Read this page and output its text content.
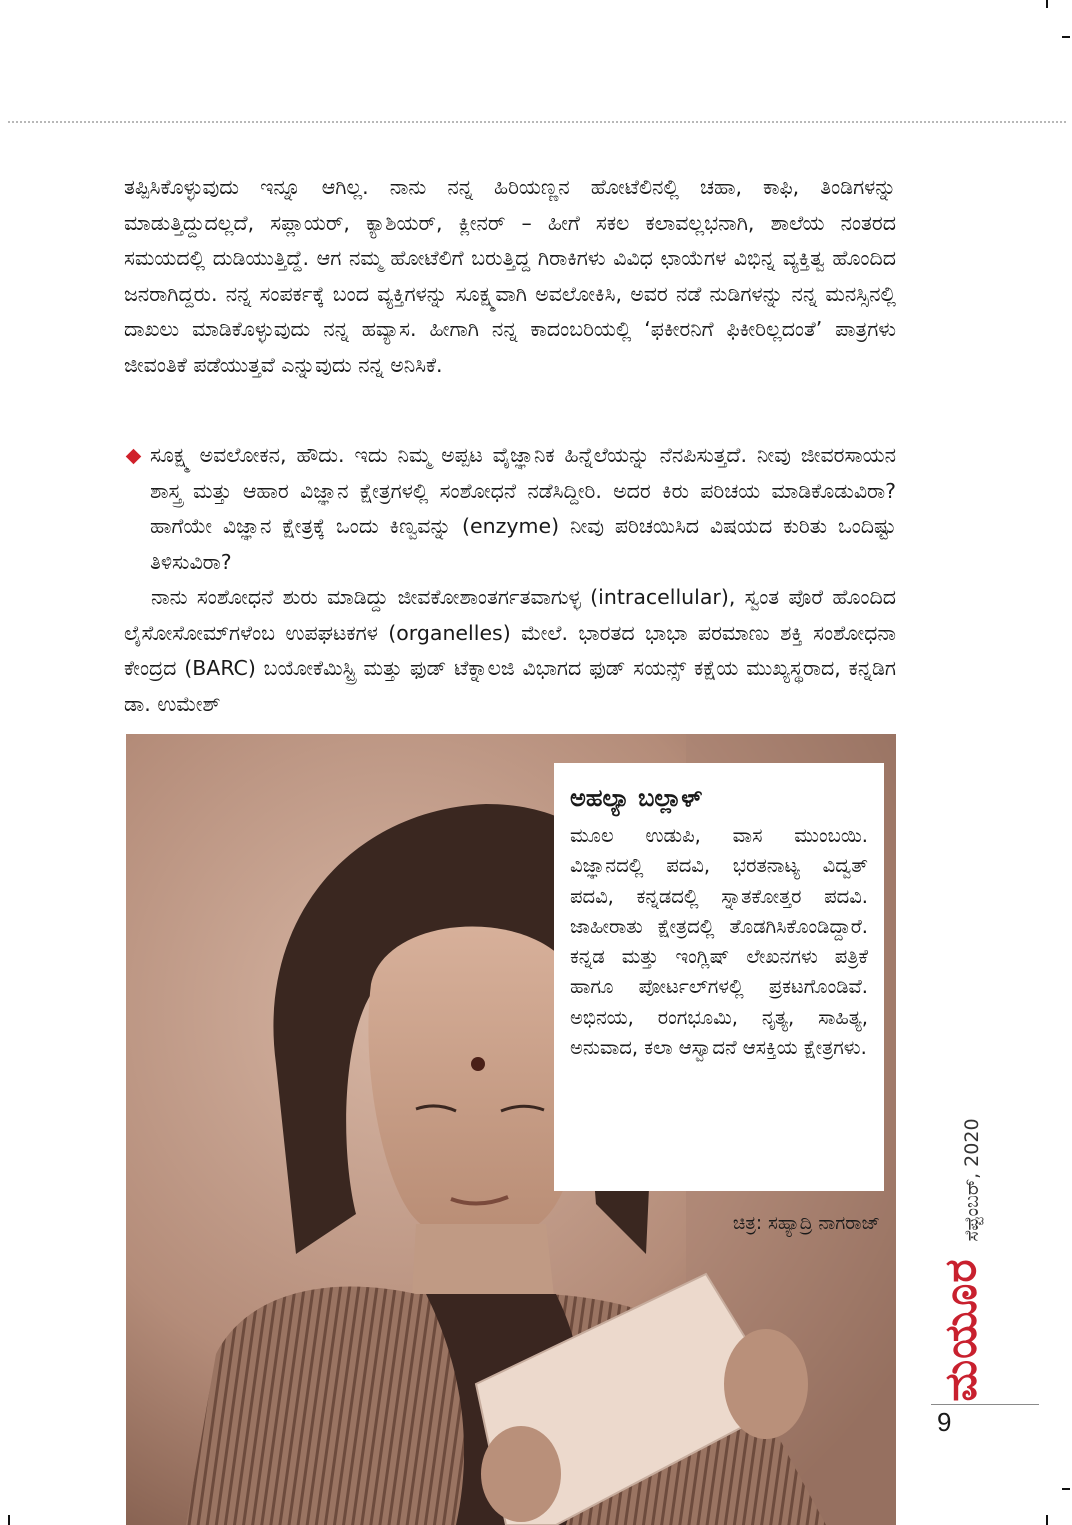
ತಪ್ಪಿಸಿಕೊಳ್ಳುವುದು ಇನ್ನೂ ಆಗಿಲ್ಲ. ನಾನು ನನ್ನ ಹಿರಿಯಣ್ಣನ ಹೋಟೆಲಿನಲ್ಲಿ ಚಹಾ, ಕಾಫಿ, ತಿಂಡಿಗಳನ್ನು ಮಾಡುತ್ತಿದ್ದುದಲ್ಲದೆ, ಸಪ್ಲಾಯರ್, ಕ್ಯಾಶಿಯರ್, ಕ್ಲೀನರ್ – ಹೀಗೆ ಸಕಲ ಕಲಾವಲ್ಲಭನಾಗಿ, ಶಾಲೆಯ ನಂತರದ ಸಮಯದಲ್ಲಿ ದುಡಿಯುತ್ತಿದ್ದೆ. ಆಗ ನಮ್ಮ ಹೋಟೆಲಿಗೆ ಬರುತ್ತಿದ್ದ ಗಿರಾಕಿಗಳು ವಿವಿಧ ಛಾಯೆಗಳ ವಿಭಿನ್ನ ವ್ಯಕ್ತಿತ್ವ ಹೊಂದಿದ ಜನರಾಗಿದ್ದರು. ನನ್ನ ಸಂಪರ್ಕಕ್ಕೆ ಬಂದ ವ್ಯಕ್ತಿಗಳನ್ನು ಸೂಕ್ಷ್ಮವಾಗಿ ಅವಲೋಕಿಸಿ, ಅವರ ನಡೆ ನುಡಿಗಳನ್ನು ನನ್ನ ಮನಸ್ಸಿನಲ್ಲಿ ದಾಖಲು ಮಾಡಿಕೊಳ್ಳುವುದು ನನ್ನ ಹವ್ಯಾಸ. ಹೀಗಾಗಿ ನನ್ನ ಕಾದಂಬರಿಯಲ್ಲಿ ‘ಫಕೀರನಿಗೆ ಫಿಕೀರಿಲ್ಲದಂತೆ’ ಪಾತ್ರಗಳು ಜೀವಂತಿಕೆ ಪಡೆಯುತ್ತವೆ ಎನ್ನುವುದು ನನ್ನ ಅನಿಸಿಕೆ.

ಸೂಕ್ಷ್ಮ ಅವಲೋಕನ, ಹೌದು. ಇದು ನಿಮ್ಮ ಅಪ್ಪಟ ವೈಜ್ಞಾನಿಕ ಹಿನ್ನೆಲೆಯನ್ನು ನೆನಪಿಸುತ್ತದೆ. ನೀವು ಜೀವರಸಾಯನ ಶಾಸ್ತ್ರ ಮತ್ತು ಆಹಾರ ವಿಜ್ಞಾನ ಕ್ಷೇತ್ರಗಳಲ್ಲಿ ಸಂಶೋಧನೆ ನಡೆಸಿದ್ದೀರಿ. ಅದರ ಕಿರು ಪರಿಚಯ ಮಾಡಿಕೊಡುವಿರಾ? ಹಾಗೆಯೇ ವಿಜ್ಞಾನ ಕ್ಷೇತ್ರಕ್ಕೆ ಒಂದು ಕಿಣ್ವವನ್ನು (enzyme) ನೀವು ಪರಿಚಯಿಸಿದ ವಿಷಯದ ಕುರಿತು ಒಂದಿಷ್ಟು ತಿಳಿಸುವಿರಾ?

ನಾನು ಸಂಶೋಧನೆ ಶುರು ಮಾಡಿದ್ದು ಜೀವಕೋಶಾಂತರ್ಗತವಾಗುಳ್ಳ (intracellular), ಸ್ವಂತ ಪೊರೆ ಹೊಂದಿದ ಲೈಸೋಸೋಮ್‌ಗಳೆಂಬ ಉಪಘಟಕಗಳ (organelles) ಮೇಲೆ. ಭಾರತದ ಭಾಭಾ ಪರಮಾಣು ಶಕ್ತಿ ಸಂಶೋಧನಾ ಕೇಂದ್ರದ (BARC) ಬಯೋಕೆಮಿಸ್ಟ್ರಿ ಮತ್ತು ಫುಡ್ ಟೆಕ್ನಾಲಜಿ ವಿಭಾಗದ ಫುಡ್ ಸಯನ್ಸ್ ಕಕ್ಷೆಯ ಮುಖ್ಯಸ್ಥರಾದ, ಕನ್ನಡಿಗ ಡಾ. ಉಮೇಶ್

ಅಹಲ್ಯಾ ಬಲ್ಲಾಳ್

ಮೂಲ ಉಡುಪಿ, ವಾಸ ಮುಂಬಯಿ. ವಿಜ್ಞಾನದಲ್ಲಿ ಪದವಿ, ಭರತನಾಟ್ಯ ವಿದ್ವತ್ ಪದವಿ, ಕನ್ನಡದಲ್ಲಿ ಸ್ನಾತಕೋತ್ತರ ಪದವಿ. ಜಾಹೀರಾತು ಕ್ಷೇತ್ರದಲ್ಲಿ ತೊಡಗಿಸಿಕೊಂಡಿದ್ದಾರೆ. ಕನ್ನಡ ಮತ್ತು ಇಂಗ್ಲಿಷ್ ಲೇಖನಗಳು ಪತ್ರಿಕೆ ಹಾಗೂ ಪೋರ್ಟಲ್‌ಗಳಲ್ಲಿ ಪ್ರಕಟಗೊಂಡಿವೆ. ಅಭಿನಯ, ರಂಗಭೂಮಿ, ನೃತ್ಯ, ಸಾಹಿತ್ಯ, ಅನುವಾದ, ಕಲಾ ಆಸ್ವಾದನೆ ಆಸಕ್ತಿಯ ಕ್ಷೇತ್ರಗಳು.

ಚಿತ್ರ: ಸಹ್ಯಾದ್ರಿ ನಾಗರಾಜ್	ಸೆಪ್ಟೆಂಬರ್, 2020
ಮಯೂರ
9
